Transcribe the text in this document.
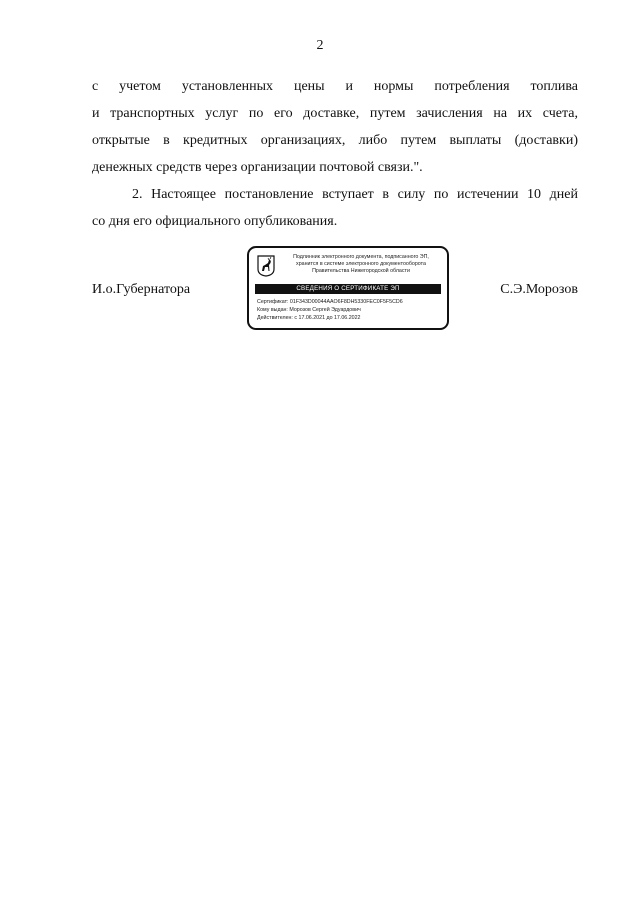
2
с учетом установленных цены и нормы потребления топлива
и транспортных услуг по его доставке, путем зачисления на их счета,
открытые в кредитных организациях, либо путем выплаты (доставки)
денежных средств через организации почтовой связи.".
2. Настоящее постановление вступает в силу по истечении 10 дней
со дня его официального опубликования.
И.о.Губернатора	С.Э.Морозов
Подлинник электронного документа, подписанного ЭП,
хранится в системе электронного документооборота
Правительства Нижегородской области
СВЕДЕНИЯ О СЕРТИФИКАТЕ ЭП
Сертификат: 01F343D00044AAO6F8DH5330FEC0F5F5CD6
Кому выдан: Морозов Сергей Эдуардович
Действителен: с 17.06.2021 до 17.06.2022
